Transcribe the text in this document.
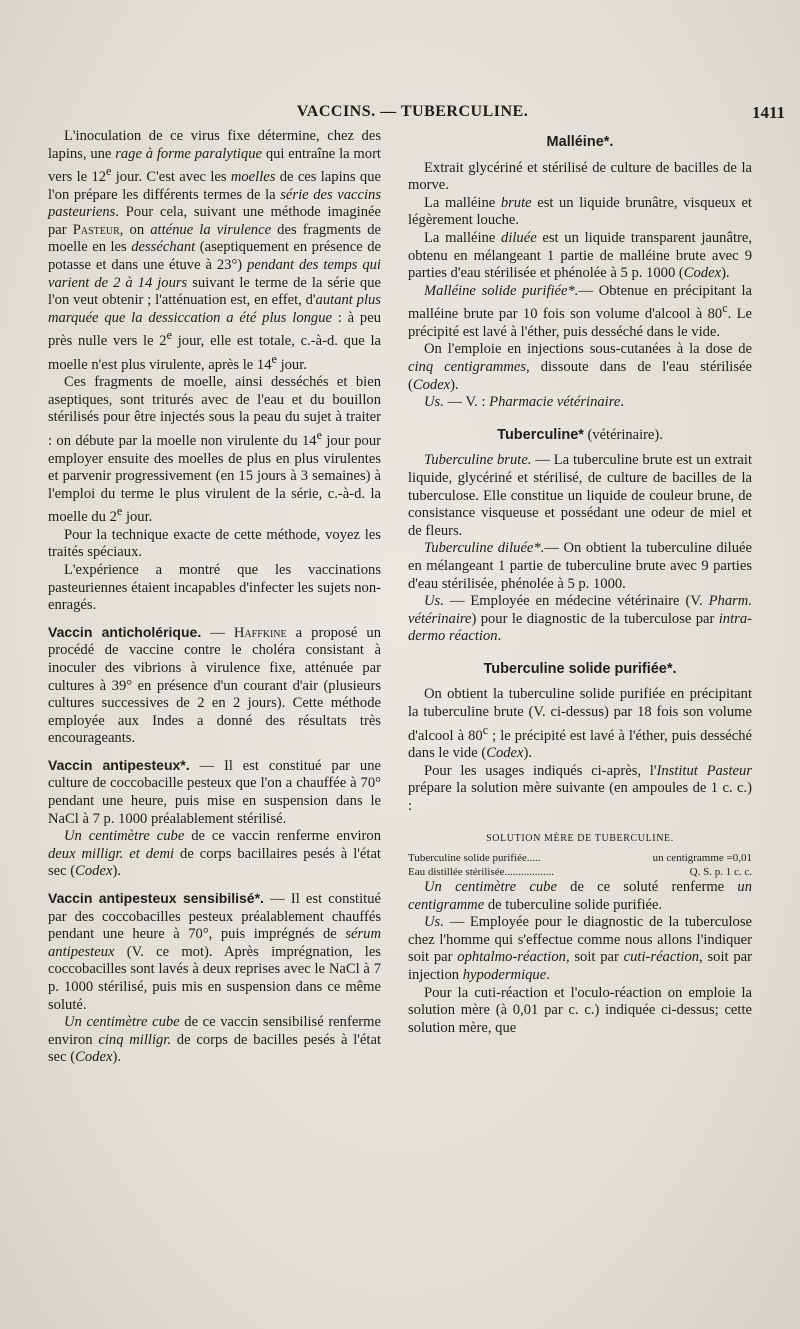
VACCINS. — TUBERCULINE.	1411

L'inoculation de ce virus fixe détermine, chez des lapins, une rage à forme paralytique qui entraîne la mort vers le 12e jour. C'est avec les moelles de ces lapins que l'on prépare les différents termes de la série des vaccins pasteuriens. Pour cela, suivant une méthode imaginée par Pasteur, on atténue la virulence des fragments de moelle en les desséchant (aseptiquement en présence de potasse et dans une étuve à 23°) pendant des temps qui varient de 2 à 14 jours suivant le terme de la série que l'on veut obtenir ; l'atténuation est, en effet, d'autant plus marquée que la dessiccation a été plus longue : à peu près nulle vers le 2e jour, elle est totale, c.-à-d. que la moelle n'est plus virulente, après le 14e jour.

Ces fragments de moelle, ainsi desséchés et bien aseptiques, sont triturés avec de l'eau et du bouillon stérilisés pour être injectés sous la peau du sujet à traiter : on débute par la moelle non virulente du 14e jour pour employer ensuite des moelles de plus en plus virulentes et parvenir progressivement (en 15 jours à 3 semaines) à l'emploi du terme le plus virulent de la série, c.-à-d. la moelle du 2e jour.

Pour la technique exacte de cette méthode, voyez les traités spéciaux.

L'expérience a montré que les vaccinations pasteuriennes étaient incapables d'infecter les sujets non-enragés.

Vaccin anticholérique. — Haffkine a proposé un procédé de vaccine contre le choléra consistant à inoculer des vibrions à virulence fixe, atténuée par cultures à 39° en présence d'un courant d'air (plusieurs cultures successives de 2 en 2 jours). Cette méthode employée aux Indes a donné des résultats très encourageants.

Vaccin antipesteux*. — Il est constitué par une culture de coccobacille pesteux que l'on a chauffée à 70° pendant une heure, puis mise en suspension dans le NaCl à 7 p. 1000 préalablement stérilisé.

Un centimètre cube de ce vaccin renferme environ deux milligr. et demi de corps bacillaires pesés à l'état sec (Codex).

Vaccin antipesteux sensibilisé*. — Il est constitué par des coccobacilles pesteux préalablement chauffés pendant une heure à 70°, puis imprégnés de sérum antipesteux (V. ce mot). Après imprégnation, les coccobacilles sont lavés à deux reprises avec le NaCl à 7 p. 1000 stérilisé, puis mis en suspension dans ce même soluté.

Un centimètre cube de ce vaccin sensibilisé renferme environ cinq milligr. de corps de bacilles pesés à l'état sec (Codex).

Malléine*.

Extrait glycériné et stérilisé de culture de bacilles de la morve.

La malléine brute est un liquide brunâtre, visqueux et légèrement louche.

La malléine diluée est un liquide transparent jaunâtre, obtenu en mélangeant 1 partie de malléine brute avec 9 parties d'eau stérilisée et phénolée à 5 p. 1000 (Codex).

Malléine solide purifiée*.— Obtenue en précipitant la malléine brute par 10 fois son volume d'alcool à 80$^c$. Le précipité est lavé à l'éther, puis desséché dans le vide.

On l'emploie en injections sous-cutanées à la dose de cinq centigrammes, dissoute dans de l'eau stérilisée (Codex).

Us. — V. : Pharmacie vétérinaire.

Tuberculine* (vétérinaire).

Tuberculine brute. — La tuberculine brute est un extrait liquide, glycériné et stérilisé, de culture de bacilles de la tuberculose. Elle constitue un liquide de couleur brune, de consistance visqueuse et possédant une odeur de miel et de fleurs.

Tuberculine diluée*.— On obtient la tuberculine diluée en mélangeant 1 partie de tuberculine brute avec 9 parties d'eau stérilisée, phénolée à 5 p. 1000.

Us. — Employée en médecine vétérinaire (V. Pharm. vétérinaire) pour le diagnostic de la tuberculose par intra-dermo réaction.

Tuberculine solide purifiée*.

On obtient la tuberculine solide purifiée en précipitant la tuberculine brute (V. ci-dessus) par 18 fois son volume d'alcool à 80$^c$ ; le précipité est lavé à l'éther, puis desséché dans le vide (Codex).

Pour les usages indiqués ci-après, l'Institut Pasteur prépare la solution mère suivante (en ampoules de 1 c. c.) :

SOLUTION MÈRE DE TUBERCULINE.
Tuberculine solide purifiée .....	un centigramme =0,01
Eau distillée stérilisée ..................	Q. S. p. 1 c. c.

Un centimètre cube de ce soluté renferme un centigramme de tuberculine solide purifiée.

Us. — Employée pour le diagnostic de la tuberculose chez l'homme qui s'effectue comme nous allons l'indiquer soit par ophtalmo-réaction, soit par cuti-réaction, soit par injection hypodermique.

Pour la cuti-réaction et l'oculo-réaction on emploie la solution mère (à 0,01 par c. c.) indiquée ci-dessus; cette solution mère, que
